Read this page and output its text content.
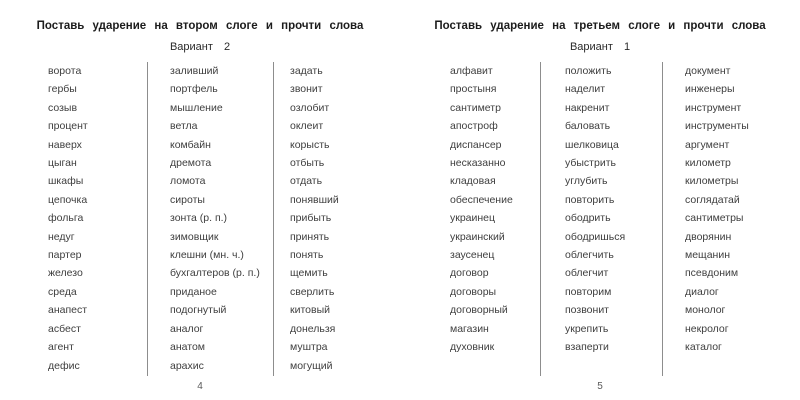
Поставь ударение на втором слоге и прочти слова
Вариант 2
ворота
гербы
созыв
процент
наверх
цыган
шкафы
цепочка
фольга
недуг
партер
железо
среда
анапест
асбест
агент
дефис
заливший
портфель
мышление
ветла
комбайн
дремота
ломота
сироты
зонта (р. п.)
зимовщик
клешни (мн. ч.)
бухгалтеров (р. п.)
приданое
подогнутый
аналог
анатом
арахис
задать
звонит
озлобит
оклеит
корысть
отбыть
отдать
понявший
прибыть
принять
понять
щемить
сверлить
китовый
донельзя
муштра
могущий
4
Поставь ударение на третьем слоге и прочти слова
Вариант 1
алфавит
простыня
сантиметр
апостроф
диспансер
несказанно
кладовая
обеспечение
украинец
украинский
заусенец
договор
договоры
договорный
магазин
духовник
положить
наделит
накренит
баловать
шелковица
убыстрить
углубить
повторить
ободрить
ободришься
облегчить
облегчит
повторим
позвонит
укрепить
взаперти
документ
инженеры
инструмент
инструменты
аргумент
километр
километры
соглядатай
сантиметры
дворянин
мещанин
псевдоним
диалог
монолог
некролог
каталог
5
